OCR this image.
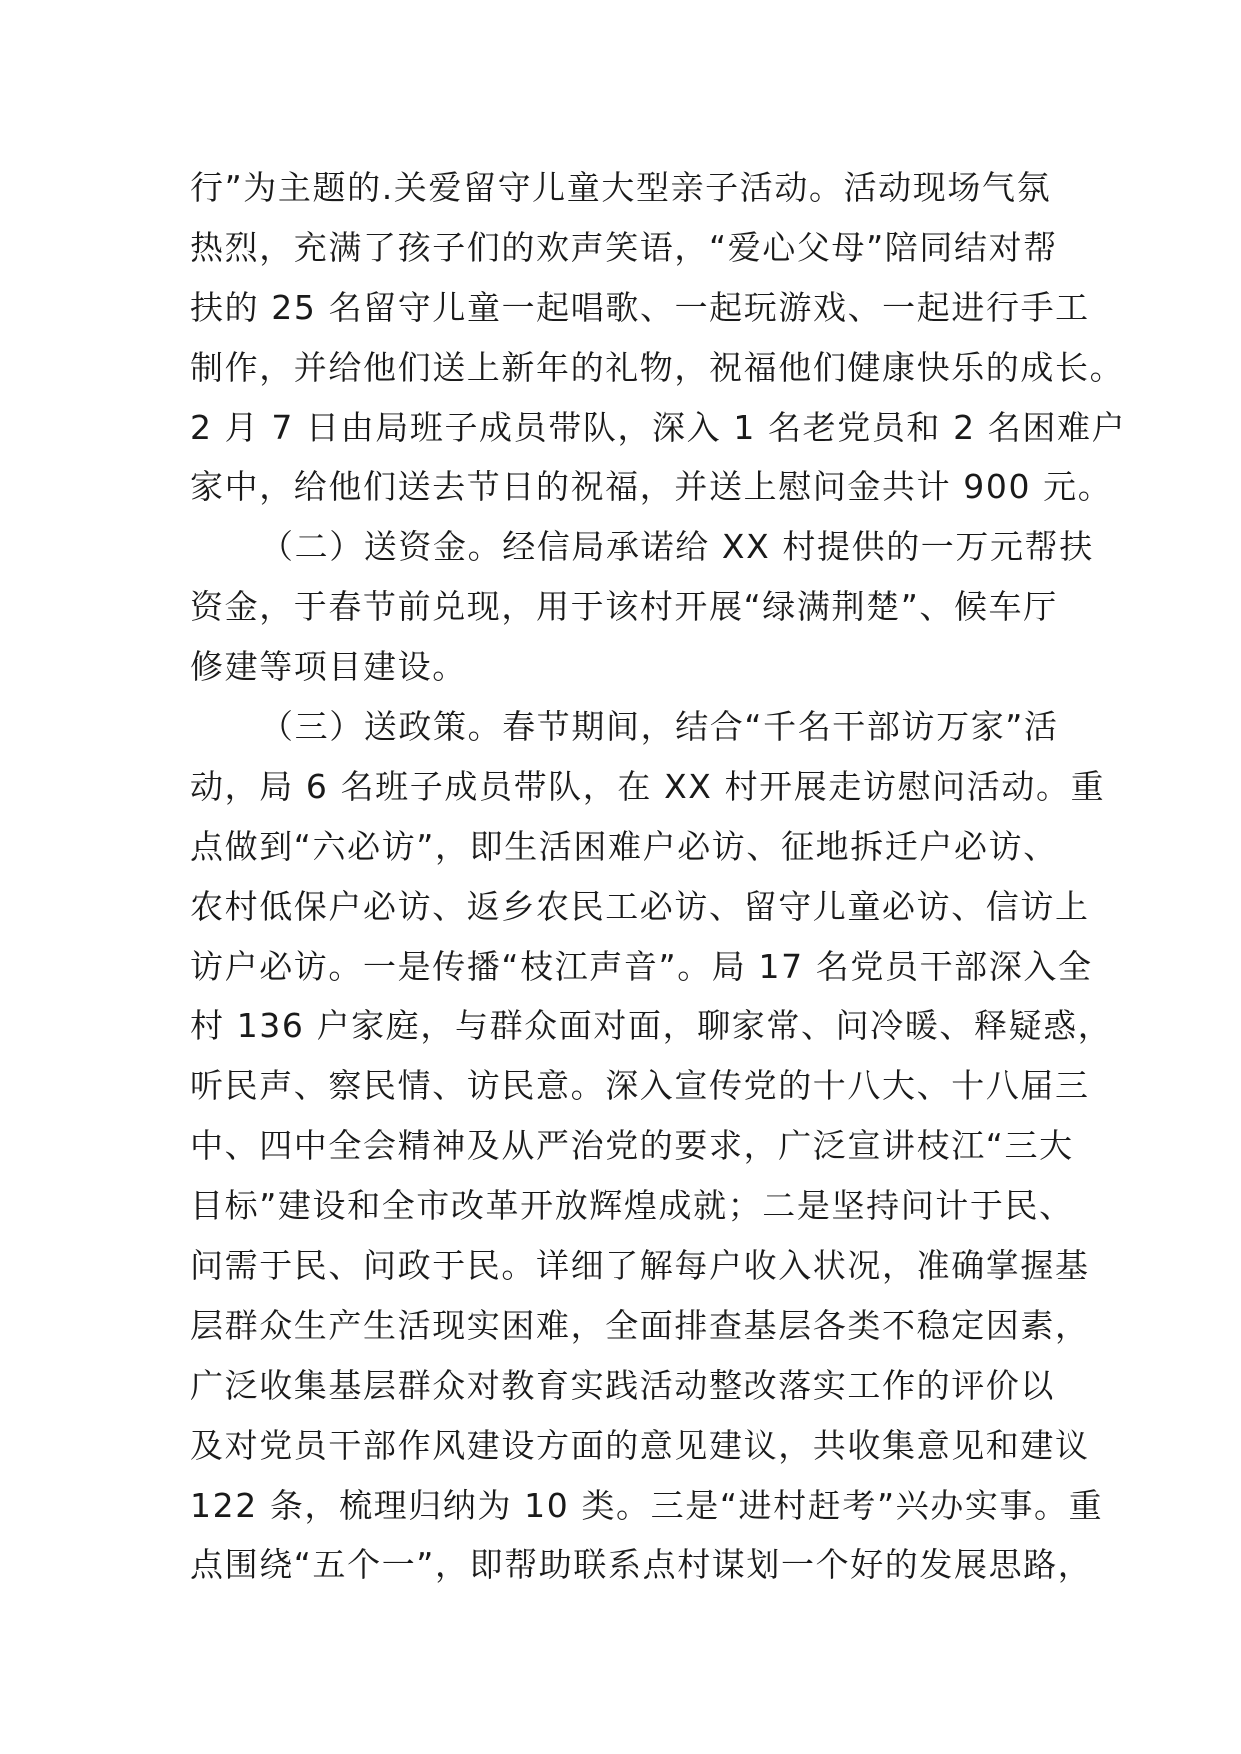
行”为主题的.关爱留守儿童大型亲子活动。活动现场气氛
热烈，充满了孩子们的欢声笑语，“爱心父母”陪同结对帮
扶的 25 名留守儿童一起唱歌、一起玩游戏、一起进行手工
制作，并给他们送上新年的礼物，祝福他们健康快乐的成长。
2 月 7 日由局班子成员带队，深入 1 名老党员和 2 名困难户
家中，给他们送去节日的祝福，并送上慰问金共计 900 元。
（二）送资金。经信局承诺给 XX 村提供的一万元帮扶
资金，于春节前兑现，用于该村开展“绿满荆楚”、候车厅
修建等项目建设。
（三）送政策。春节期间，结合“千名干部访万家”活
动，局 6 名班子成员带队，在 XX 村开展走访慰问活动。重
点做到“六必访”，即生活困难户必访、征地拆迁户必访、
农村低保户必访、返乡农民工必访、留守儿童必访、信访上
访户必访。一是传播“枝江声音”。局 17 名党员干部深入全
村 136 户家庭，与群众面对面，聊家常、问冷暖、释疑惑，
听民声、察民情、访民意。深入宣传党的十八大、十八届三
中、四中全会精神及从严治党的要求，广泛宣讲枝江“三大
目标”建设和全市改革开放辉煌成就；二是坚持问计于民、
问需于民、问政于民。详细了解每户收入状况，准确掌握基
层群众生产生活现实困难，全面排查基层各类不稳定因素，
广泛收集基层群众对教育实践活动整改落实工作的评价以
及对党员干部作风建设方面的意见建议，共收集意见和建议
122 条，梳理归纳为 10 类。三是“进村赶考”兴办实事。重
点围绕“五个一”，即帮助联系点村谋划一个好的发展思路，
